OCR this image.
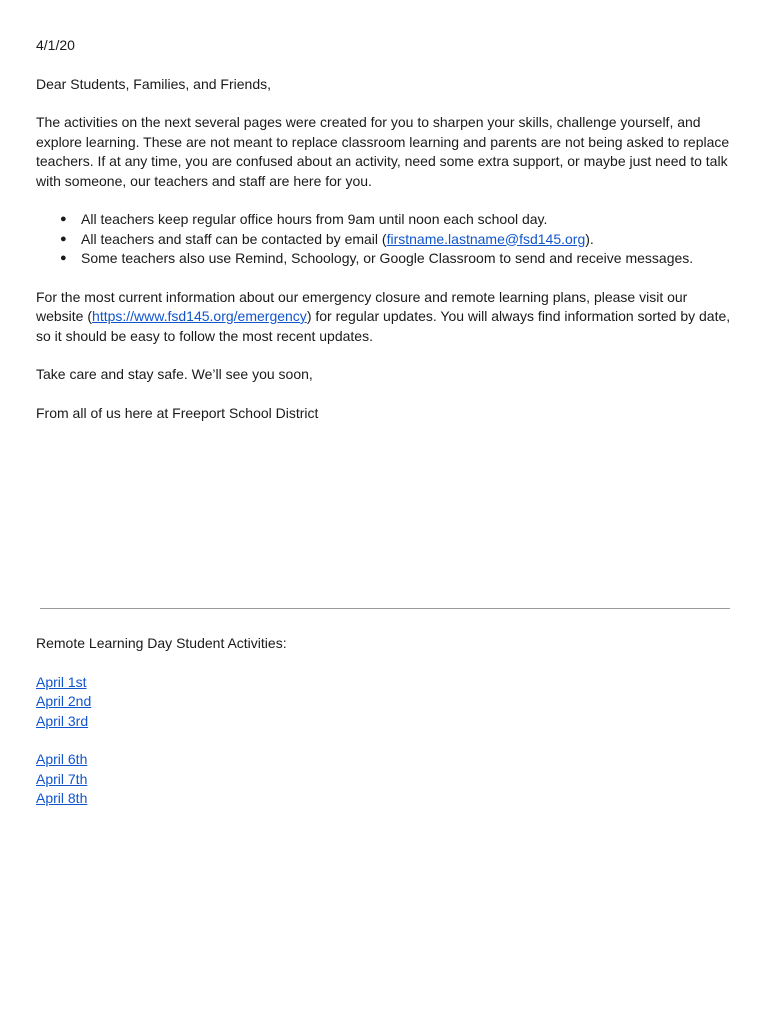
4/1/20

Dear Students, Families, and Friends,

The activities on the next several pages were created for you to sharpen your skills, challenge yourself, and explore learning. These are not meant to replace classroom learning and parents are not being asked to replace teachers. If at any time, you are confused about an activity, need some extra support, or maybe just need to talk with someone, our teachers and staff are here for you.

● All teachers keep regular office hours from 9am until noon each school day.
● All teachers and staff can be contacted by email (firstname.lastname@fsd145.org).
● Some teachers also use Remind, Schoology, or Google Classroom to send and receive messages.

For the most current information about our emergency closure and remote learning plans, please visit our website (https://www.fsd145.org/emergency) for regular updates. You will always find information sorted by date, so it should be easy to follow the most recent updates.

Take care and stay safe. We’ll see you soon,

From all of us here at Freeport School District

Remote Learning Day Student Activities:

April 1st
April 2nd
April 3rd
April 6th
April 7th
April 8th
